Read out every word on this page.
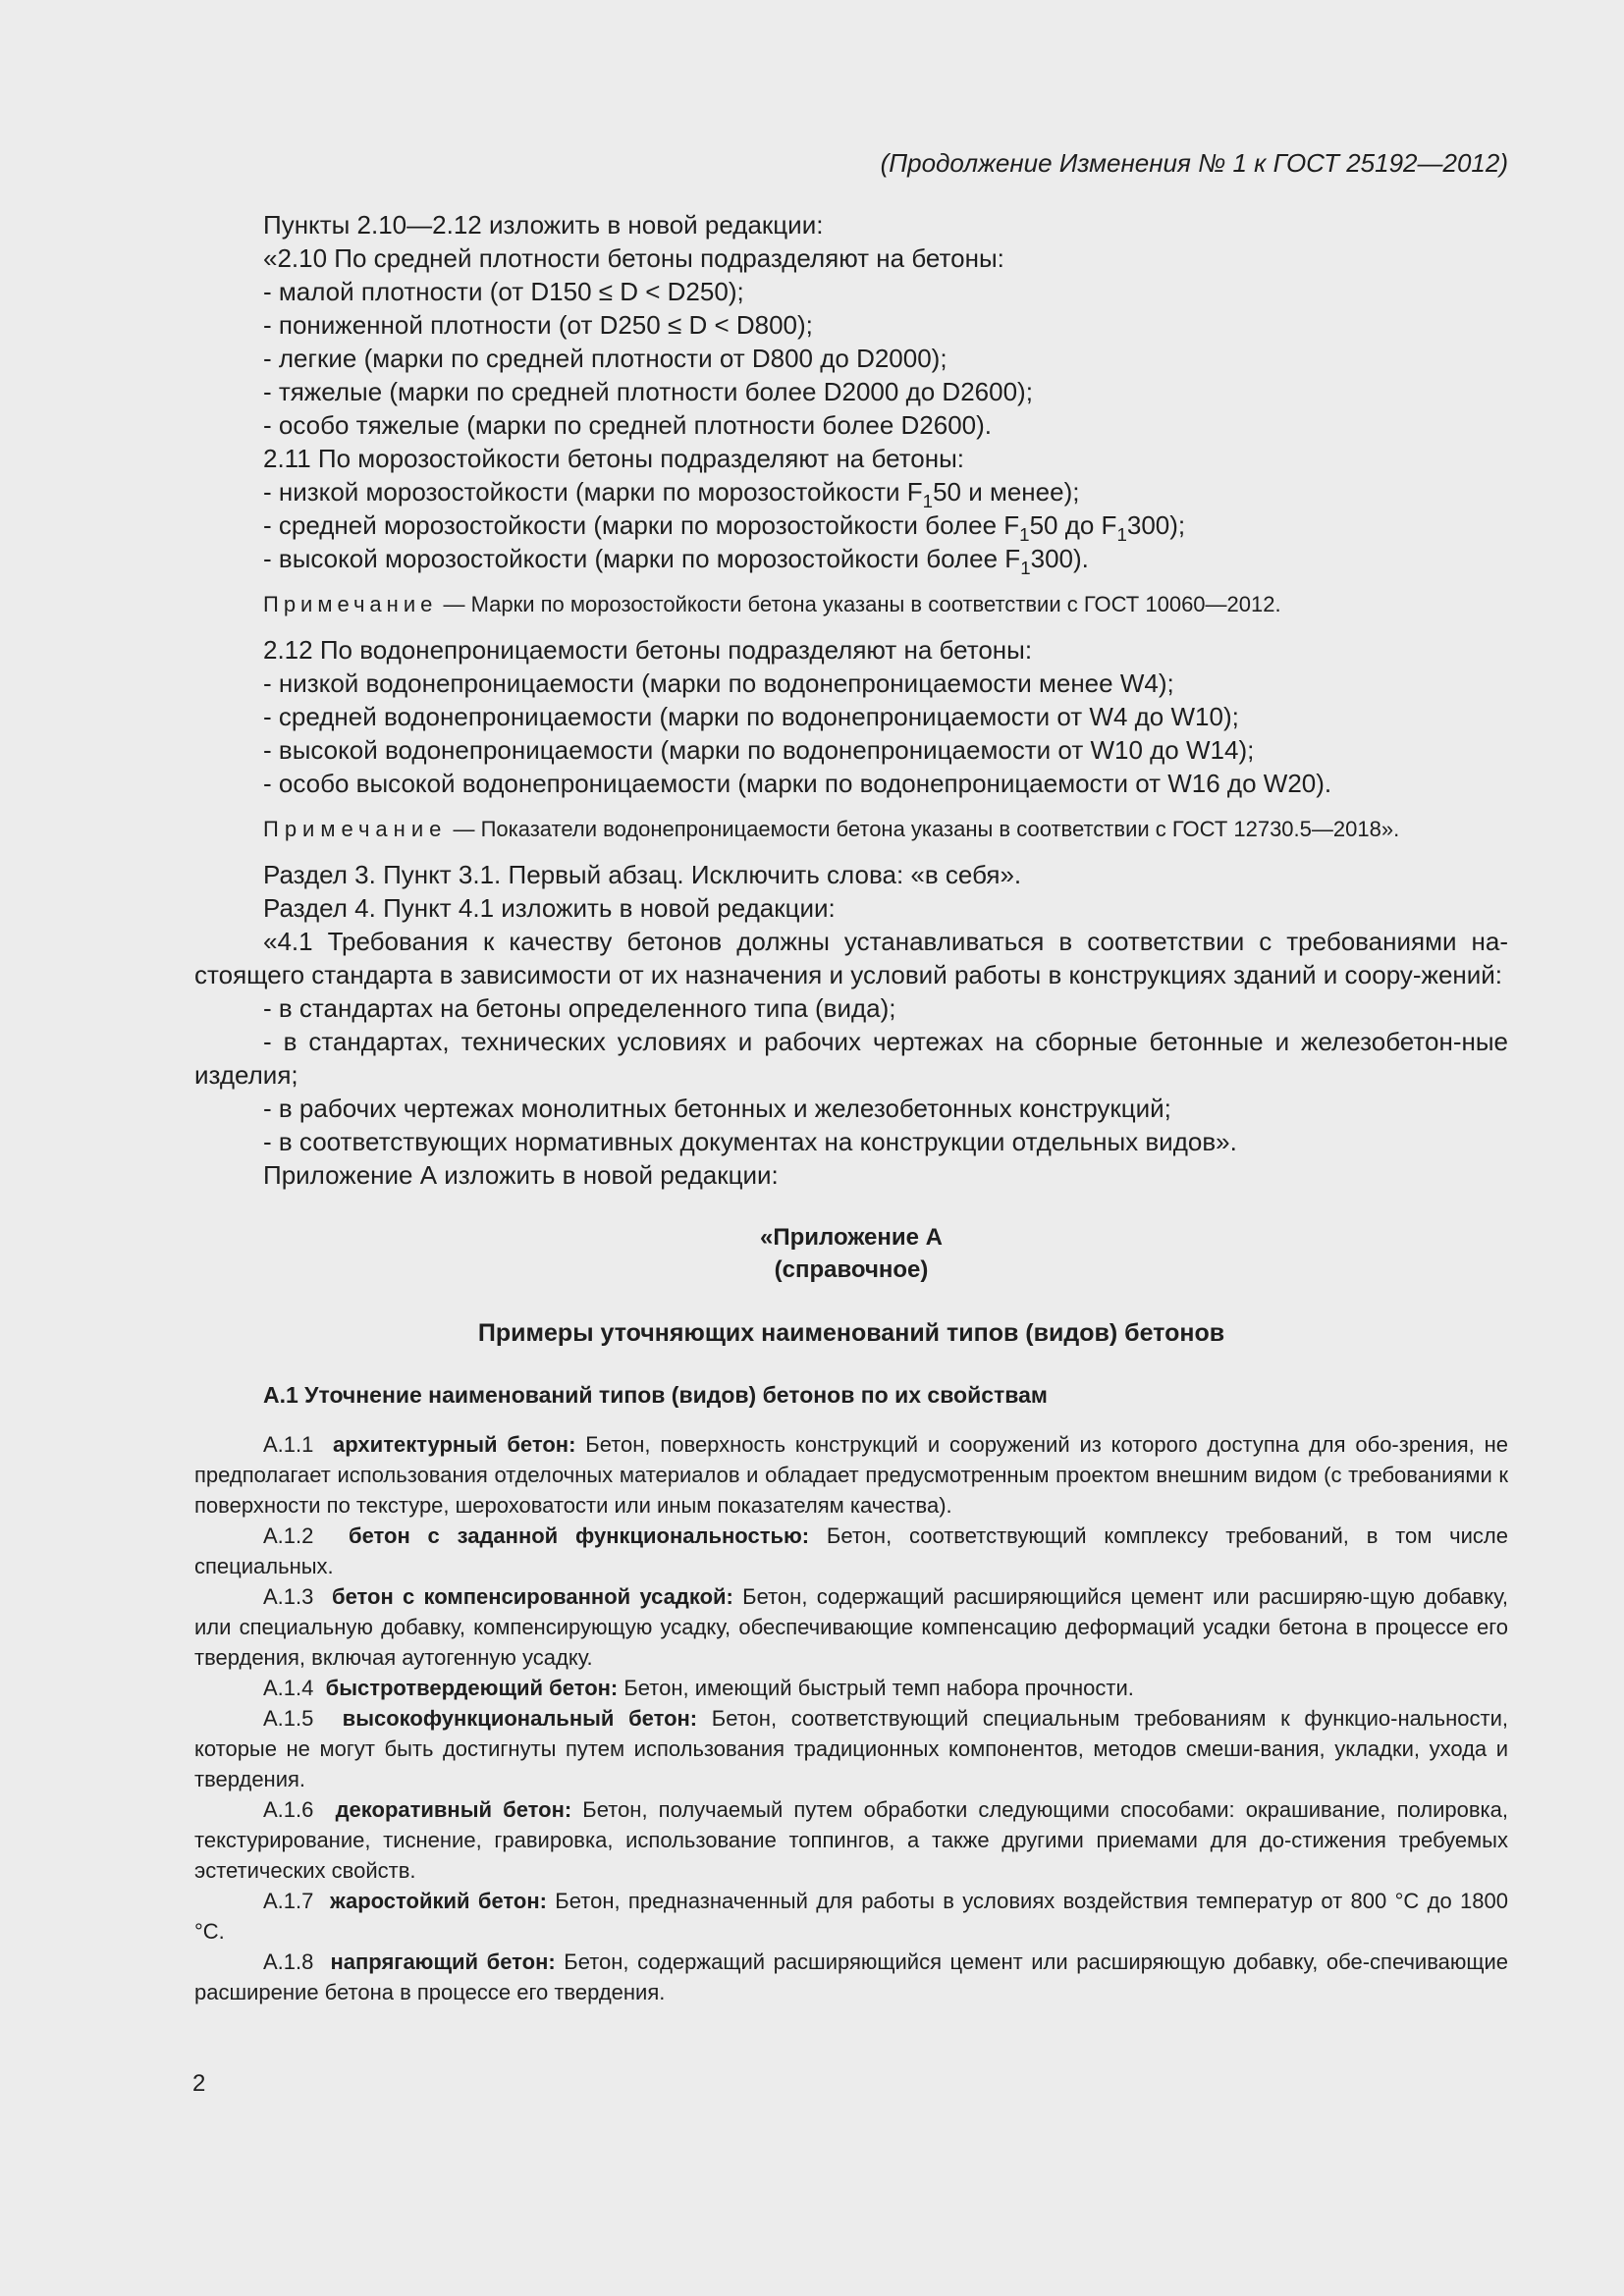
(Продолжение Изменения № 1 к ГОСТ 25192—2012)

Пункты 2.10—2.12 изложить в новой редакции:

«2.10 По средней плотности бетоны подразделяют на бетоны:

- малой плотности (от D150 ≤ D < D250);

- пониженной плотности (от D250 ≤ D < D800);

- легкие (марки по средней плотности от D800 до D2000);

- тяжелые (марки по средней плотности более D2000 до D2600);

- особо тяжелые (марки по средней плотности более D2600).

2.11 По морозостойкости бетоны подразделяют на бетоны:

- низкой морозостойкости (марки по морозостойкости $F_150$ и менее);

- средней морозостойкости (марки по морозостойкости более $F_150$ до $F_1300$);

- высокой морозостойкости (марки по морозостойкости более $F_1300$).

Примечание — Марки по морозостойкости бетона указаны в соответствии с ГОСТ 10060—2012.

2.12 По водонепроницаемости бетоны подразделяют на бетоны:

- низкой водонепроницаемости (марки по водонепроницаемости менее W4);

- средней водонепроницаемости (марки по водонепроницаемости от W4 до W10);

- высокой водонепроницаемости (марки по водонепроницаемости от W10 до W14);

- особо высокой водонепроницаемости (марки по водонепроницаемости от W16 до W20).

Примечание — Показатели водонепроницаемости бетона указаны в соответствии с ГОСТ 12730.5—2018».

Раздел 3. Пункт 3.1. Первый абзац. Исключить слова: «в себя».

Раздел 4. Пункт 4.1 изложить в новой редакции:

«4.1 Требования к качеству бетонов должны устанавливаться в соответствии с требованиями на-стоящего стандарта в зависимости от их назначения и условий работы в конструкциях зданий и соору-жений:

- в стандартах на бетоны определенного типа (вида);

- в стандартах, технических условиях и рабочих чертежах на сборные бетонные и железобетон-ные изделия;

- в рабочих чертежах монолитных бетонных и железобетонных конструкций;

- в соответствующих нормативных документах на конструкции отдельных видов».

Приложение А изложить в новой редакции:

«Приложение А
(справочное)
Примеры уточняющих наименований типов (видов) бетонов
А.1 Уточнение наименований типов (видов) бетонов по их свойствам

А.1.1 архитектурный бетон: Бетон, поверхность конструкций и сооружений из которого доступна для обо-зрения, не предполагает использования отделочных материалов и обладает предусмотренным проектом внешним видом (с требованиями к поверхности по текстуре, шероховатости или иным показателям качества).

А.1.2 бетон с заданной функциональностью: Бетон, соответствующий комплексу требований, в том числе специальных.

А.1.3 бетон с компенсированной усадкой: Бетон, содержащий расширяющийся цемент или расширяю-щую добавку, или специальную добавку, компенсирующую усадку, обеспечивающие компенсацию деформаций усадки бетона в процессе его твердения, включая аутогенную усадку.

А.1.4 быстротвердеющий бетон: Бетон, имеющий быстрый темп набора прочности.

А.1.5 высокофункциональный бетон: Бетон, соответствующий специальным требованиям к функцио-нальности, которые не могут быть достигнуты путем использования традиционных компонентов, методов смеши-вания, укладки, ухода и твердения.

А.1.6 декоративный бетон: Бетон, получаемый путем обработки следующими способами: окрашивание, полировка, текстурирование, тиснение, гравировка, использование топпингов, а также другими приемами для до-стижения требуемых эстетических свойств.

А.1.7 жаростойкий бетон: Бетон, предназначенный для работы в условиях воздействия температур от 800 °С до 1800 °С.

А.1.8 напрягающий бетон: Бетон, содержащий расширяющийся цемент или расширяющую добавку, обе-спечивающие расширение бетона в процессе его твердения.

2
